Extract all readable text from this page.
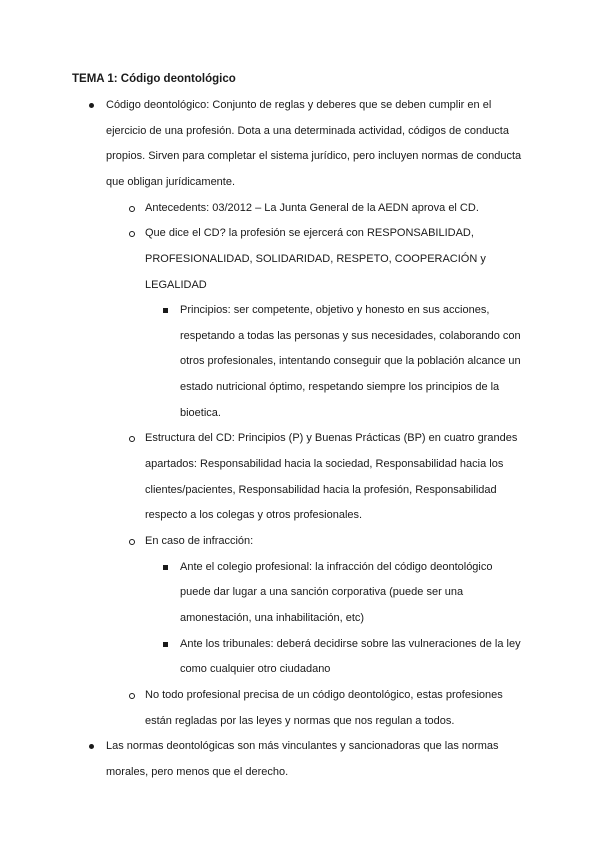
TEMA 1: Código deontológico
Código deontológico: Conjunto de reglas y deberes que se deben cumplir en el
ejercicio de una profesión. Dota a una determinada actividad, códigos de conducta
propios. Sirven para completar el sistema jurídico, pero incluyen normas de conducta
que obligan jurídicamente.
Antecedents: 03/2012 – La Junta General de la AEDN aprova el CD.
Que dice el CD? la profesión se ejercerá con RESPONSABILIDAD,
PROFESIONALIDAD, SOLIDARIDAD, RESPETO, COOPERACIÓN y
LEGALIDAD
Principios: ser competente, objetivo y honesto en sus acciones,
respetando a todas las personas y sus necesidades, colaborando con
otros profesionales, intentando conseguir que la población alcance un
estado nutricional óptimo, respetando siempre los principios de la
bioetica.
Estructura del CD: Principios (P) y Buenas Prácticas (BP) en cuatro grandes
apartados: Responsabilidad hacia la sociedad, Responsabilidad hacia los
clientes/pacientes, Responsabilidad hacia la profesión, Responsabilidad
respecto a los colegas y otros profesionales.
En caso de infracción:
Ante el colegio profesional: la infracción del código deontológico
puede dar lugar a una sanción corporativa (puede ser una
amonestación, una inhabilitación, etc)
Ante los tribunales: deberá decidirse sobre las vulneraciones de la ley
como cualquier otro ciudadano
No todo profesional precisa de un código deontológico, estas profesiones
están regladas por las leyes y normas que nos regulan a todos.
Las normas deontológicas son más vinculantes y sancionadoras que las normas
morales, pero menos que el derecho.
